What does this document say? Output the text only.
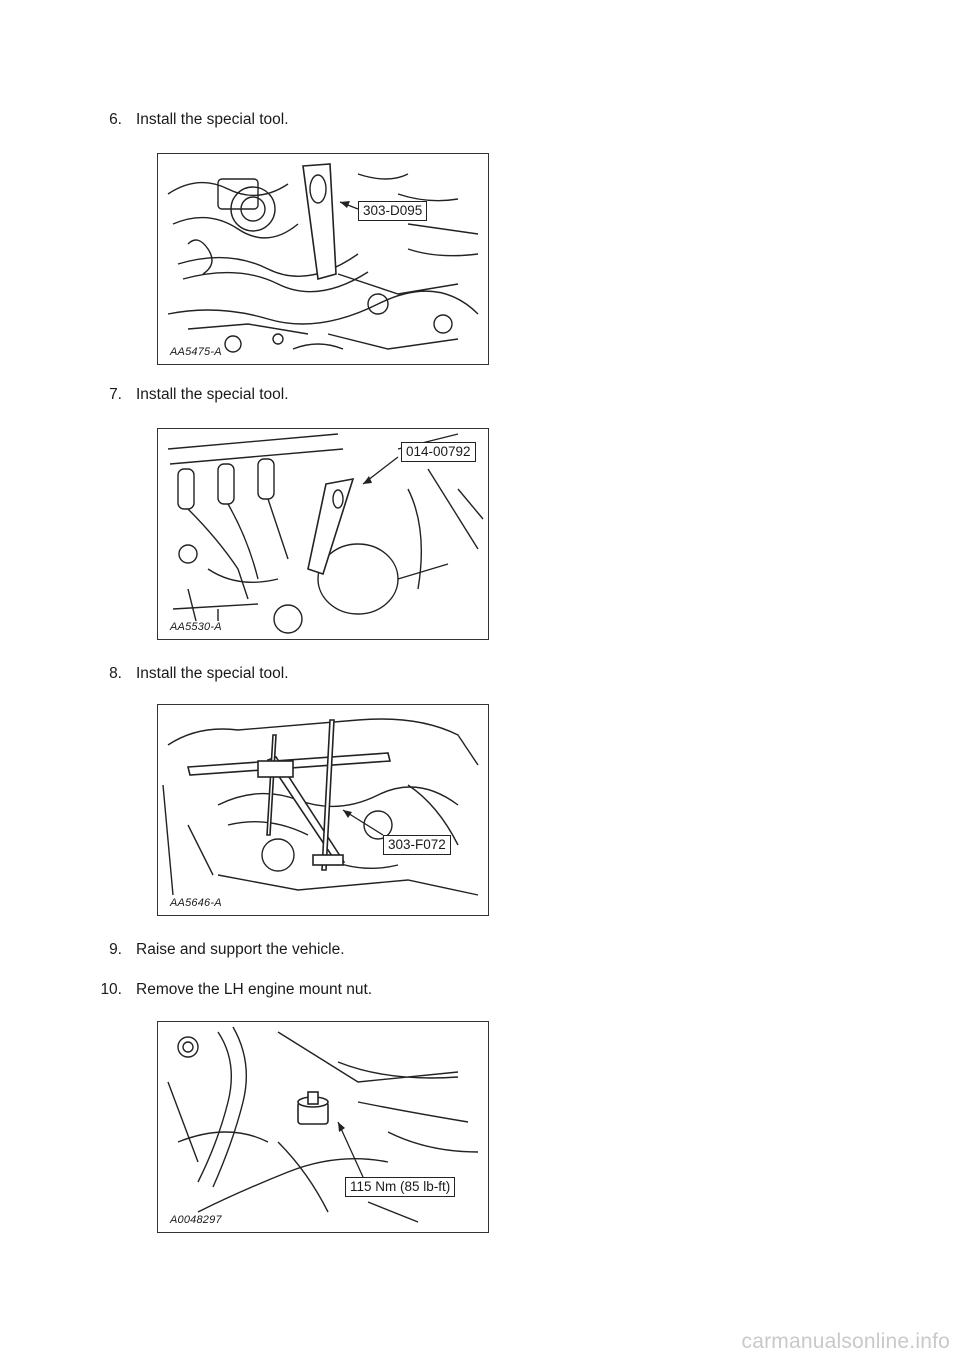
6. Install the special tool.
303-D095
AA5475-A
7. Install the special tool.
014-00792
AA5530-A
8. Install the special tool.
303-F072
AA5646-A
9. Raise and support the vehicle.
10. Remove the LH engine mount nut.
115 Nm (85 lb-ft)
A0048297
carmanualsonline.info
